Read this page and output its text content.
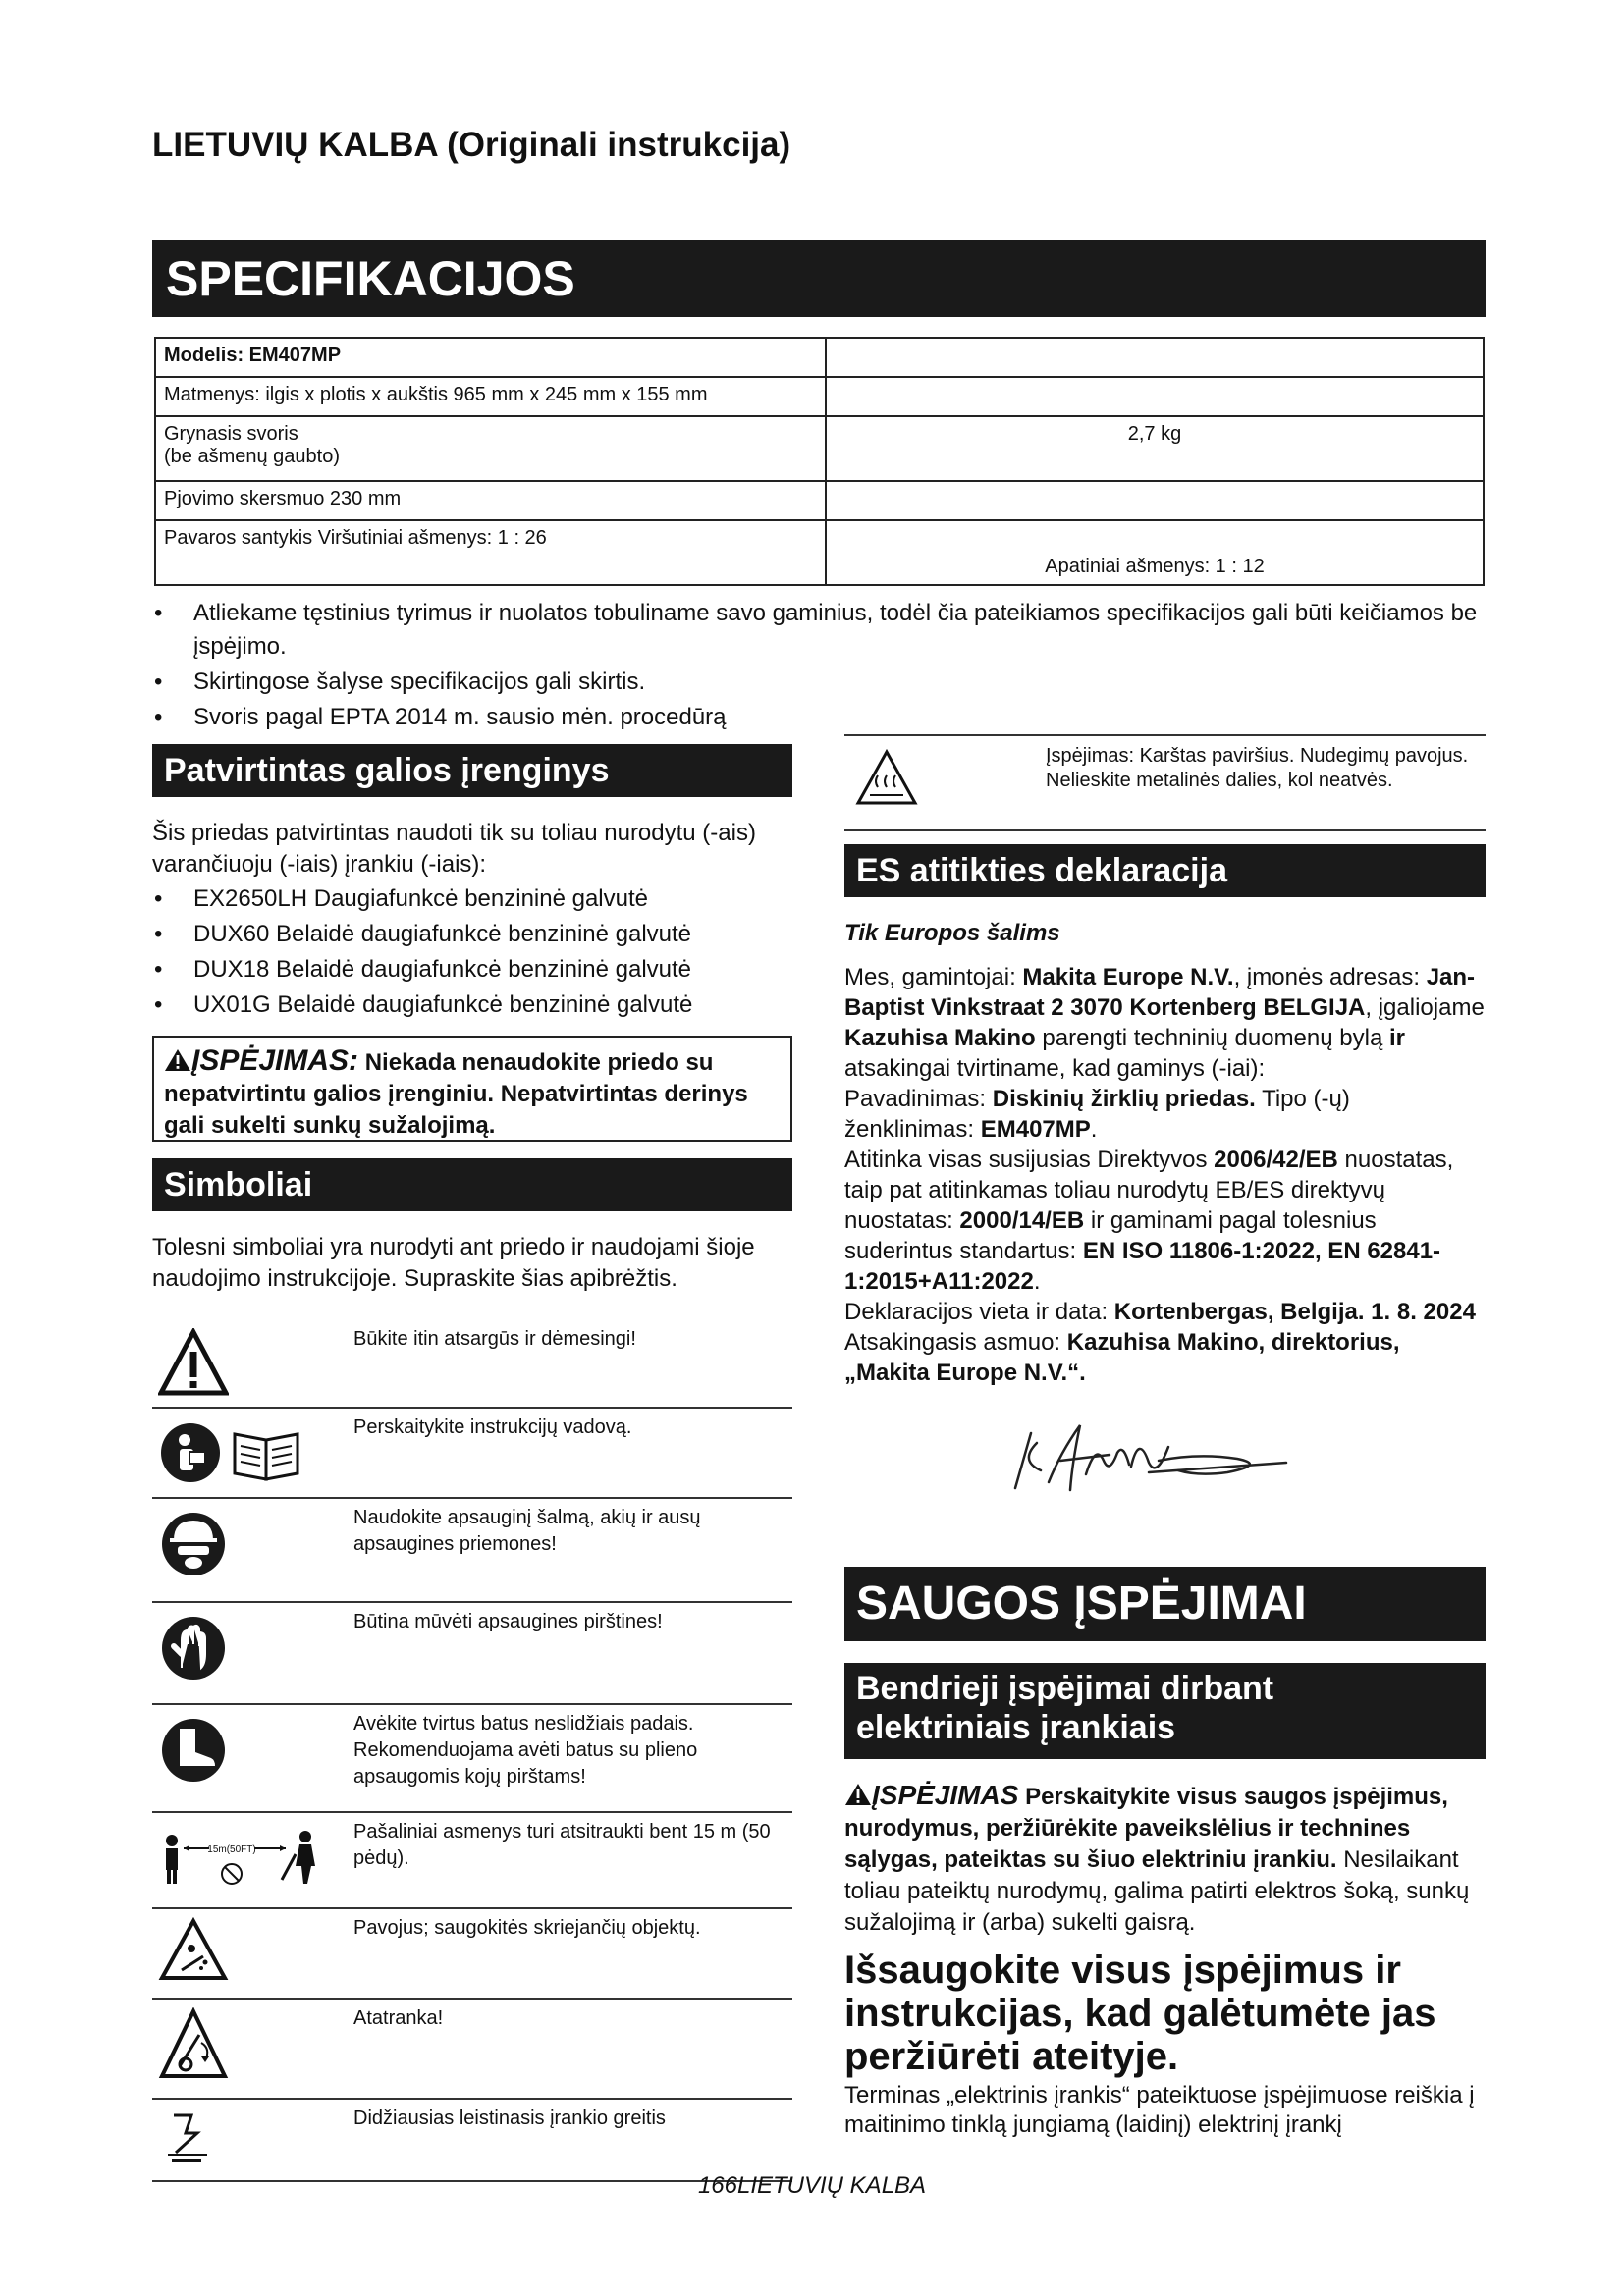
LIETUVIŲ KALBA (Originali instrukcija)
SPECIFIKACIJOS
Modelis: EM407MP	
Matmenys: ilgis x plotis x aukštis 965 mm x 245 mm x 155 mm	

Grynasis svoris
(be ašmenų gaubto)	2,7 kg
Pjovimo skersmuo 230 mm	
Pavaros santykis Viršutiniai ašmenys: 1 : 26	Apatiniai ašmenys: 1 : 12
• Atliekame tęstinius tyrimus ir nuolatos tobuliname savo gaminius, todėl čia pateikiamos specifikacijos gali būti keičiamos be įspėjimo.
• Skirtingose šalyse specifikacijos gali skirtis.
• Svoris pagal EPTA 2014 m. sausio mėn. procedūrą
Patvirtintas galios įrenginys
Šis priedas patvirtintas naudoti tik su toliau nurodytu (-ais) varančiuoju (-iais) įrankiu (-iais):
• EX2650LH Daugiafunkcė benzininė galvutė
• DUX60 Belaidė daugiafunkcė benzininė galvutė
• DUX18 Belaidė daugiafunkcė benzininė galvutė
• UX01G Belaidė daugiafunkcė benzininė galvutė
ĮSPĖJIMAS: Niekada nenaudokite priedo su nepatvirtintu galios įrenginiu. Nepatvirtintas derinys gali sukelti sunkų sužalojimą.
Simboliai
Tolesni simboliai yra nurodyti ant priedo ir naudojami šioje naudojimo instrukcijoje. Supraskite šias apibrėžtis.
Būkite itin atsargūs ir dėmesingi!
Perskaitykite instrukcijų vadovą.
Naudokite apsauginį šalmą, akių ir ausų apsaugines priemones!
Būtina mūvėti apsaugines pirštines!
Avėkite tvirtus batus neslidžiais padais. Rekomenduojama avėti batus su plieno apsaugomis kojų pirštams!
15m(50FT)
Pašaliniai asmenys turi atsitraukti bent 15 m (50 pėdų).
Pavojus; saugokitės skriejančių objektų.
Atatranka!
Didžiausias leistinasis įrankio greitis
Įspėjimas: Karštas paviršius. Nudegimų pavojus. Nelieskite metalinės dalies, kol neatvės.
ES atitikties deklaracija
Tik Europos šalims
Mes, gamintojai: Makita Europe N.V., įmonės adresas: Jan-Baptist Vinkstraat 2 3070 Kortenberg BELGIJA, įgaliojame Kazuhisa Makino parengti techninių duomenų bylą ir atsakingai tvirtiname, kad gaminys (-iai):
Pavadinimas: Diskinių žirklių priedas. Tipo (-ų) ženklinimas: EM407MP.
Atitinka visas susijusias Direktyvos 2006/42/EB nuostatas, taip pat atitinkamas toliau nurodytų EB/ES direktyvų nuostatas: 2000/14/EB ir gaminami pagal tolesnius suderintus standartus: EN ISO 11806-1:2022, EN 62841-1:2015+A11:2022.
Deklaracijos vieta ir data: Kortenbergas, Belgija. 1. 8. 2024
Atsakingasis asmuo: Kazuhisa Makino, direktorius, „Makita Europe N.V.“.
SAUGOS ĮSPĖJIMAI
Bendrieji įspėjimai dirbant
elektriniais įrankiais
ĮSPĖJIMAS Perskaitykite visus saugos įspėjimus, nurodymus, peržiūrėkite paveikslėlius ir technines sąlygas, pateiktas su šiuo elektriniu įrankiu. Nesilaikant toliau pateiktų nurodymų, galima patirti elektros šoką, sunkų sužalojimą ir (arba) sukelti gaisrą.
Išsaugokite visus įspėjimus ir instrukcijas, kad galėtumėte jas peržiūrėti ateityje.
Terminas „elektrinis įrankis“ pateiktuose įspėjimuose reiškia į maitinimo tinklą jungiamą (laidinį) elektrinį įrankį
166LIETUVIŲ KALBA
